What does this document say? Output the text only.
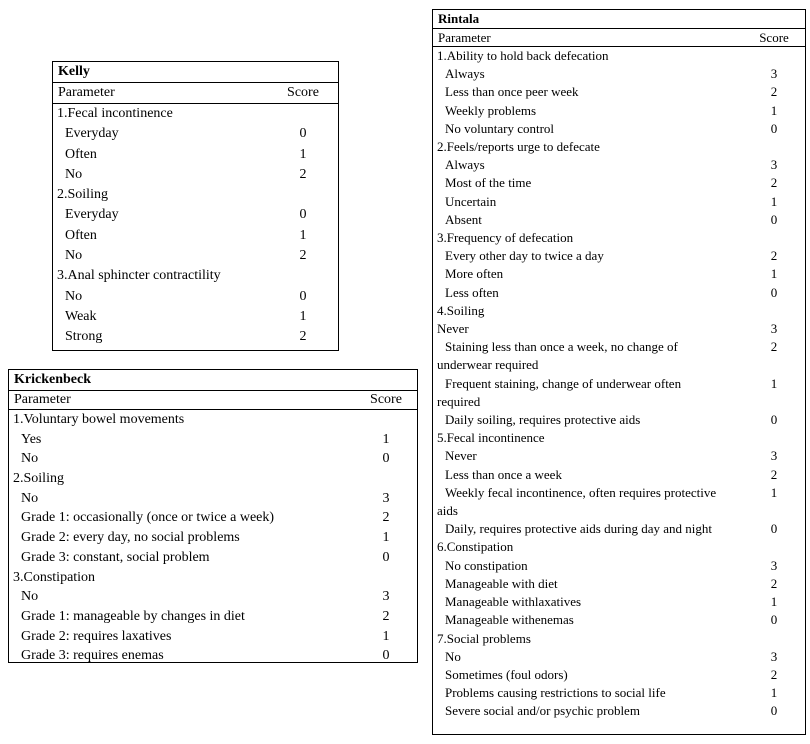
Kelly
Parameter	Score
1.Fecal incontinence
Everyday	0
Often	1
No	2
2.Soiling
Everyday	0
Often	1
No	2
3.Anal sphincter contractility
No	0
Weak	1
Strong	2
Krickenbeck
Parameter	Score
1.Voluntary bowel movements
Yes	1
No	0
2.Soiling
No	3
Grade 1: occasionally (once or twice a week)	2
Grade 2: every day, no social problems	1
Grade 3: constant, social problem	0
3.Constipation
No	3
Grade 1: manageable by changes in diet	2
Grade 2: requires laxatives	1
Grade 3: requires enemas	0
Rintala
Parameter	Score
1.Ability to hold back defecation
Always	3
Less than once peer week	2
Weekly problems	1
No voluntary control	0
2.Feels/reports urge to defecate
Always	3
Most of the time	2
Uncertain	1
Absent	0
3.Frequency of defecation
Every other day to twice a day	2
More often	1
Less often	0
4.Soiling
Never	3
Staining less than once a week, no change of underwear required
2
Frequent staining, change of underwear often required
1
Daily soiling, requires protective aids	0
5.Fecal incontinence
Never	3
Less than once a week	2
Weekly fecal incontinence, often requires protective aids
1
Daily, requires protective aids during day and night	0
6.Constipation
No constipation	3
Manageable with diet	2
Manageable withlaxatives	1
Manageable withenemas	0
7.Social problems
No	3
Sometimes (foul odors)	2
Problems causing restrictions to social life	1
Severe social and/or psychic problem	0
